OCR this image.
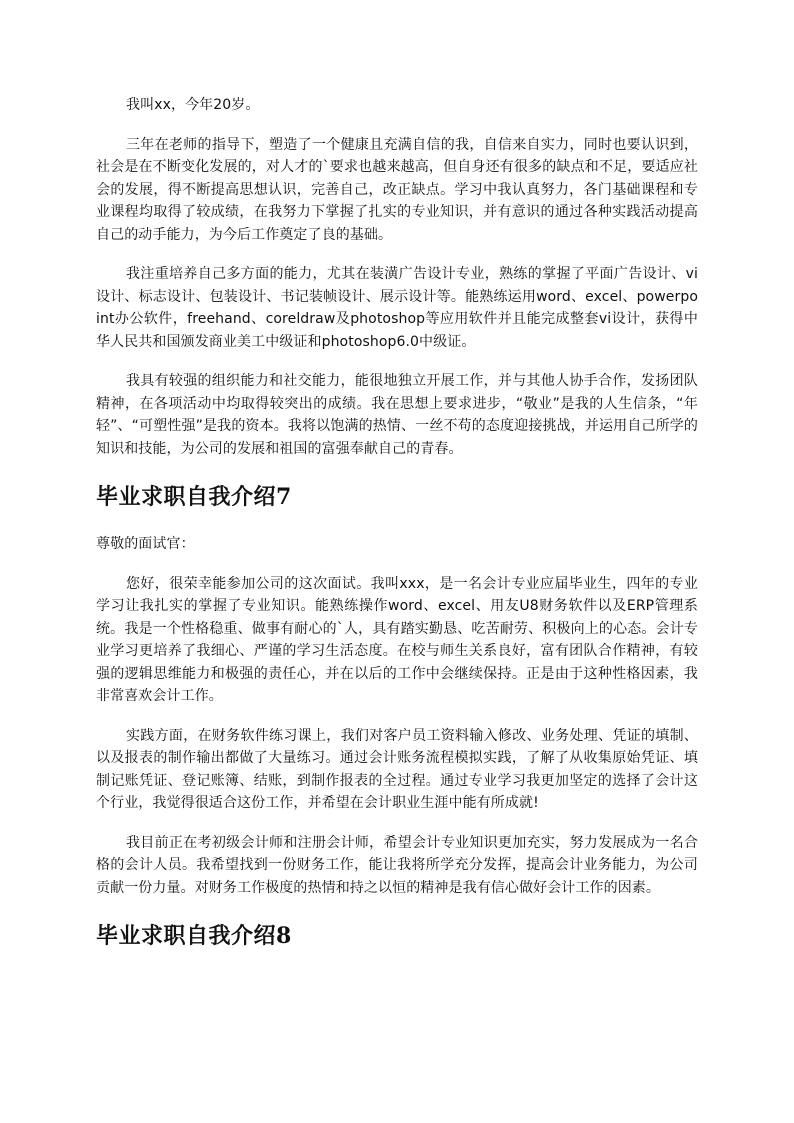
我叫xx，今年20岁。

三年在老师的指导下，塑造了一个健康且充满自信的我，自信来自实力，同时也要认识到，社会是在不断变化发展的，对人才的`要求也越来越高，但自身还有很多的缺点和不足，要适应社会的发展，得不断提高思想认识，完善自己，改正缺点。学习中我认真努力，各门基础课程和专业课程均取得了较成绩，在我努力下掌握了扎实的专业知识，并有意识的通过各种实践活动提高自己的动手能力，为今后工作奠定了良的基础。

我注重培养自己多方面的能力，尤其在装潢广告设计专业，熟练的掌握了平面广告设计、vi设计、标志设计、包装设计、书记装帧设计、展示设计等。能熟练运用word、excel、powerpoint办公软件，freehand、coreldraw及photoshop等应用软件并且能完成整套vi设计，获得中华人民共和国颁发商业美工中级证和photoshop6.0中级证。

我具有较强的组织能力和社交能力，能很地独立开展工作，并与其他人协手合作，发扬团队精神，在各项活动中均取得较突出的成绩。我在思想上要求进步，“敬业”是我的人生信条，“年轻”、“可塑性强”是我的资本。我将以饱满的热情、一丝不苟的态度迎接挑战，并运用自己所学的知识和技能，为公司的发展和祖国的富强奉献自己的青春。

毕业求职自我介绍7

尊敬的面试官：

您好，很荣幸能参加公司的这次面试。我叫xxx，是一名会计专业应届毕业生，四年的专业学习让我扎实的掌握了专业知识。能熟练操作word、excel、用友U8财务软件以及ERP管理系统。我是一个性格稳重、做事有耐心的`人，具有踏实勤恳、吃苦耐劳、积极向上的心态。会计专业学习更培养了我细心、严谨的学习生活态度。在校与师生关系良好，富有团队合作精神，有较强的逻辑思维能力和极强的责任心，并在以后的工作中会继续保持。正是由于这种性格因素，我非常喜欢会计工作。

实践方面，在财务软件练习课上，我们对客户员工资料输入修改、业务处理、凭证的填制、以及报表的制作输出都做了大量练习。通过会计账务流程模拟实践，了解了从收集原始凭证、填制记账凭证、登记账簿、结账，到制作报表的全过程。通过专业学习我更加坚定的选择了会计这个行业，我觉得很适合这份工作，并希望在会计职业生涯中能有所成就!

我目前正在考初级会计师和注册会计师，希望会计专业知识更加充实，努力发展成为一名合格的会计人员。我希望找到一份财务工作，能让我将所学充分发挥，提高会计业务能力，为公司贡献一份力量。对财务工作极度的热情和持之以恒的精神是我有信心做好会计工作的因素。

毕业求职自我介绍8
